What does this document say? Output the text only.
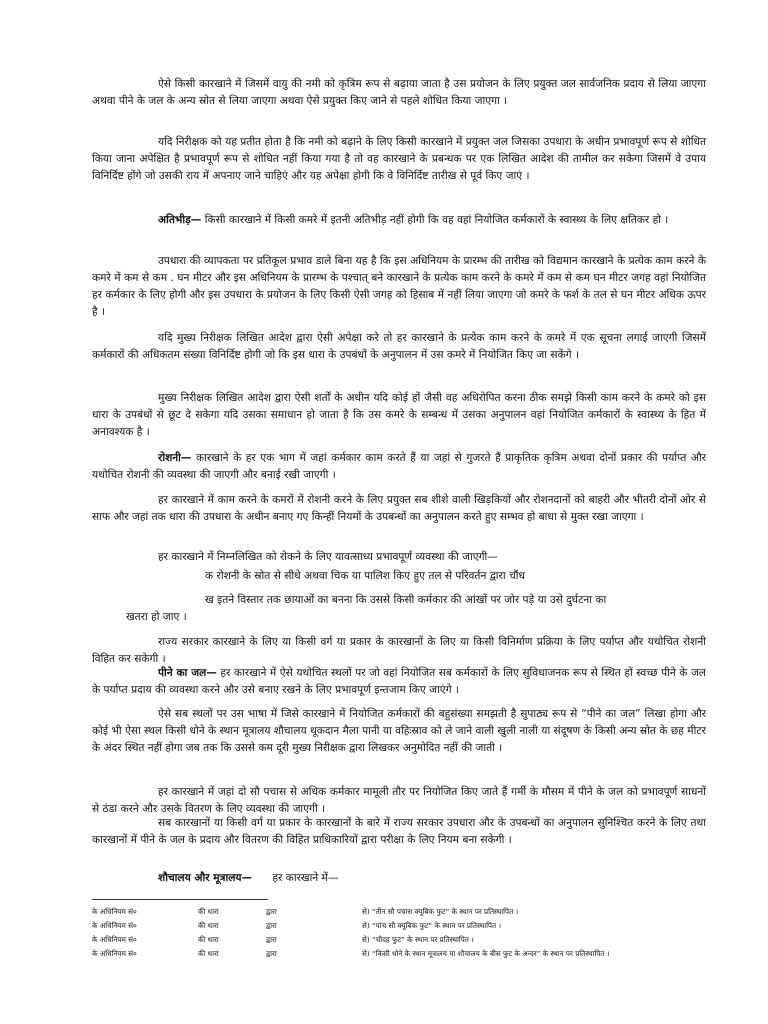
ऐसे किसी कारखाने में जिसमें वायु की नमी को कृत्रिम रूप से बढ़ाया जाता है उस प्रयोजन के लिए प्रयुक्त जल सार्वजनिक प्रदाय से लिया जाएगा अथवा पीने के जल के अन्य स्रोत से लिया जाएगा अथवा ऐसे प्रयुक्त किए जाने से पहले शोधित किया जाएगा ।
यदि निरीक्षक को यह प्रतीत होता है कि नमी को बढ़ाने के लिए किसी कारखाने में प्रयुक्त जल जिसका उपधारा के अधीन प्रभावपूर्ण रूप से शोधित किया जाना अपेक्षित है प्रभावपूर्ण रूप से शोधित नहीं किया गया है तो वह कारखाने के प्रबन्धक पर एक लिखित आदेश की तामील कर सकेगा जिसमें वे उपाय विनिर्दिष्ट होंगे जो उसकी राय में अपनाए जाने चाहिएं और यह अपेक्षा होगी कि वे विनिर्दिष्ट तारीख से पूर्व किए जाएं ।
अतिभीड़— किसी कारखाने में किसी कमरे में इतनी अतिभीड़ नहीं होगी कि वह वहां नियोजित कर्मकारों के स्वास्थ्य के लिए क्षतिकर हो ।
उपधारा की व्यापकता पर प्रतिकूल प्रभाव डाले बिना यह है कि इस अधिनियम के प्रारम्भ की तारीख को विद्यमान कारखाने के प्रत्येक काम करने के कमरे में कम से कम . घन मीटर और इस अधिनियम के प्रारम्भ के पश्चात् बने कारखाने के प्रत्येक काम करने के कमरे में कम से कम घन मीटर जगह वहां नियोजित हर कर्मकार के लिए होगी और इस उपधारा के प्रयोजन के लिए किसी ऐसी जगह को हिसाब में नहीं लिया जाएगा जो कमरे के फर्श के तल से घन मीटर अधिक ऊपर है ।
यदि मुख्य निरीक्षक लिखित आदेश द्वारा ऐसी अपेक्षा करे तो हर कारखाने के प्रत्येक काम करने के कमरे में एक सूचना लगाई जाएगी जिसमें कर्मकारों की अधिकतम संख्या विनिर्दिष्ट होगी जो कि इस धारा के उपबंधों के अनुपालन में उस कमरे में नियोजित किए जा सकेंगे ।
मुख्य निरीक्षक लिखित आदेश द्वारा ऐसी शर्तों के अधीन यदि कोई हों जैसी वह अधिरोपित करना ठीक समझे किसी काम करने के कमरे को इस धारा के उपबंधों से छूट दे सकेगा यदि उसका समाधान हो जाता है कि उस कमरे के सम्बन्ध में उसका अनुपालन वहां नियोजित कर्मकारों के स्वास्थ्य के हित में अनावश्यक है ।
रोशनी— कारखाने के हर एक भाग में जहां कर्मकार काम करते हैं या जहां से गुजरते हैं प्राकृतिक कृत्रिम अथवा दोनों प्रकार की पर्याप्त और यथोचित रोशनी की व्यवस्था की जाएगी और बनाई रखी जाएगी ।
हर कारखाने में काम करने के कमरों में रोशनी करने के लिए प्रयुक्त सब शीशे वाली खिड़कियों और रोशनदानों को बाहरी और भीतरी दोनों ओर से साफ और जहां तक धारा की उपधारा के अधीन बनाए गए किन्हीं नियमों के उपबन्धों का अनुपालन करते हुए सम्भव हो बाधा से मुक्त रखा जाएगा ।
हर कारखाने में निम्नलिखित को रोकने के लिए यावत्साध्य प्रभावपूर्ण व्यवस्था की जाएगी—
क रोशनी के स्रोत से सीधे अथवा चिक या पालिश किए हुए तल से परिवर्तन द्वारा चौंध
ख इतने विस्तार तक छायाओं का बनना कि उससे किसी कर्मकार की आंखों पर जोर पड़े या उसे दुर्घटना का
खतरा हो जाए ।
राज्य सरकार कारखाने के लिए या किसी वर्ग या प्रकार के कारखानों के लिए या किसी विनिर्माण प्रक्रिया के लिए पर्याप्त और यथोचित रोशनी विहित कर सकेगी ।
पीने का जल— हर कारखाने में ऐसे यथोचित स्थलों पर जो वहां नियोजित सब कर्मकारों के लिए सुविधाजनक रूप से स्थित हों स्वच्छ पीने के जल के पर्याप्त प्रदाय की व्यवस्था करने और उसे बनाए रखने के लिए प्रभावपूर्ण इन्तजाम किए जाएंगे ।
ऐसे सब स्थलों पर उस भाषा में जिसे कारखाने में नियोजित कर्मकारों की बहुसंख्या समझती है सुपाठ्य रूप से “पीने का जल” लिखा होगा और कोई भी ऐसा स्थल किसी धोने के स्थान मूत्रालय शौचालय थूकदान मैला पानी या वहिःस्राव को ले जाने वाली खुली नाली या संदूषण के किसी अन्य स्रोत के छह मीटर के अंदर स्थित नहीं होगा जब तक कि उससे कम दूरी मुख्य निरीक्षक द्वारा लिखकर अनुमोदित नहीं की जाती ।
हर कारखाने में जहां दो सौ पचास से अधिक कर्मकार मामूली तौर पर नियोजित किए जाते हैं गर्मी के मौसम में पीने के जल को प्रभावपूर्ण साधनों से ठंडा करने और उसके वितरण के लिए व्यवस्था की जाएगी ।
सब कारखानों या किसी वर्ग या प्रकार के कारखानों के बारे में राज्य सरकार उपधारा और के उपबन्धों का अनुपालन सुनिश्चित करने के लिए तथा कारखानों में पीने के जल के प्रदाय और वितरण की विहित प्राधिकारियों द्वारा परीक्षा के लिए नियम बना सकेगी ।
शौचालय और मूत्रालय— हर कारखाने में—
के अधिनियम सं०	की धारा	द्वारा	से) “तीन सौ पचास क्यूबिक फुट” के स्थान पर प्रतिस्थापित ।
के अधिनियम सं०	की धारा	द्वारा	से) “पांच सौ क्यूबिक फुट” के स्थान पर प्रतिस्थापित ।
के अधिनियम सं०	की धारा	द्वारा	से) “चौदह फुट” के स्थान पर प्रतिस्थापित ।
के अधिनियम सं०	की धारा	द्वारा	से) “किसी धोने के स्थान मूत्रालय या शौचालय के बीस फुट के अन्दर” के स्थान पर प्रतिस्थापित ।
